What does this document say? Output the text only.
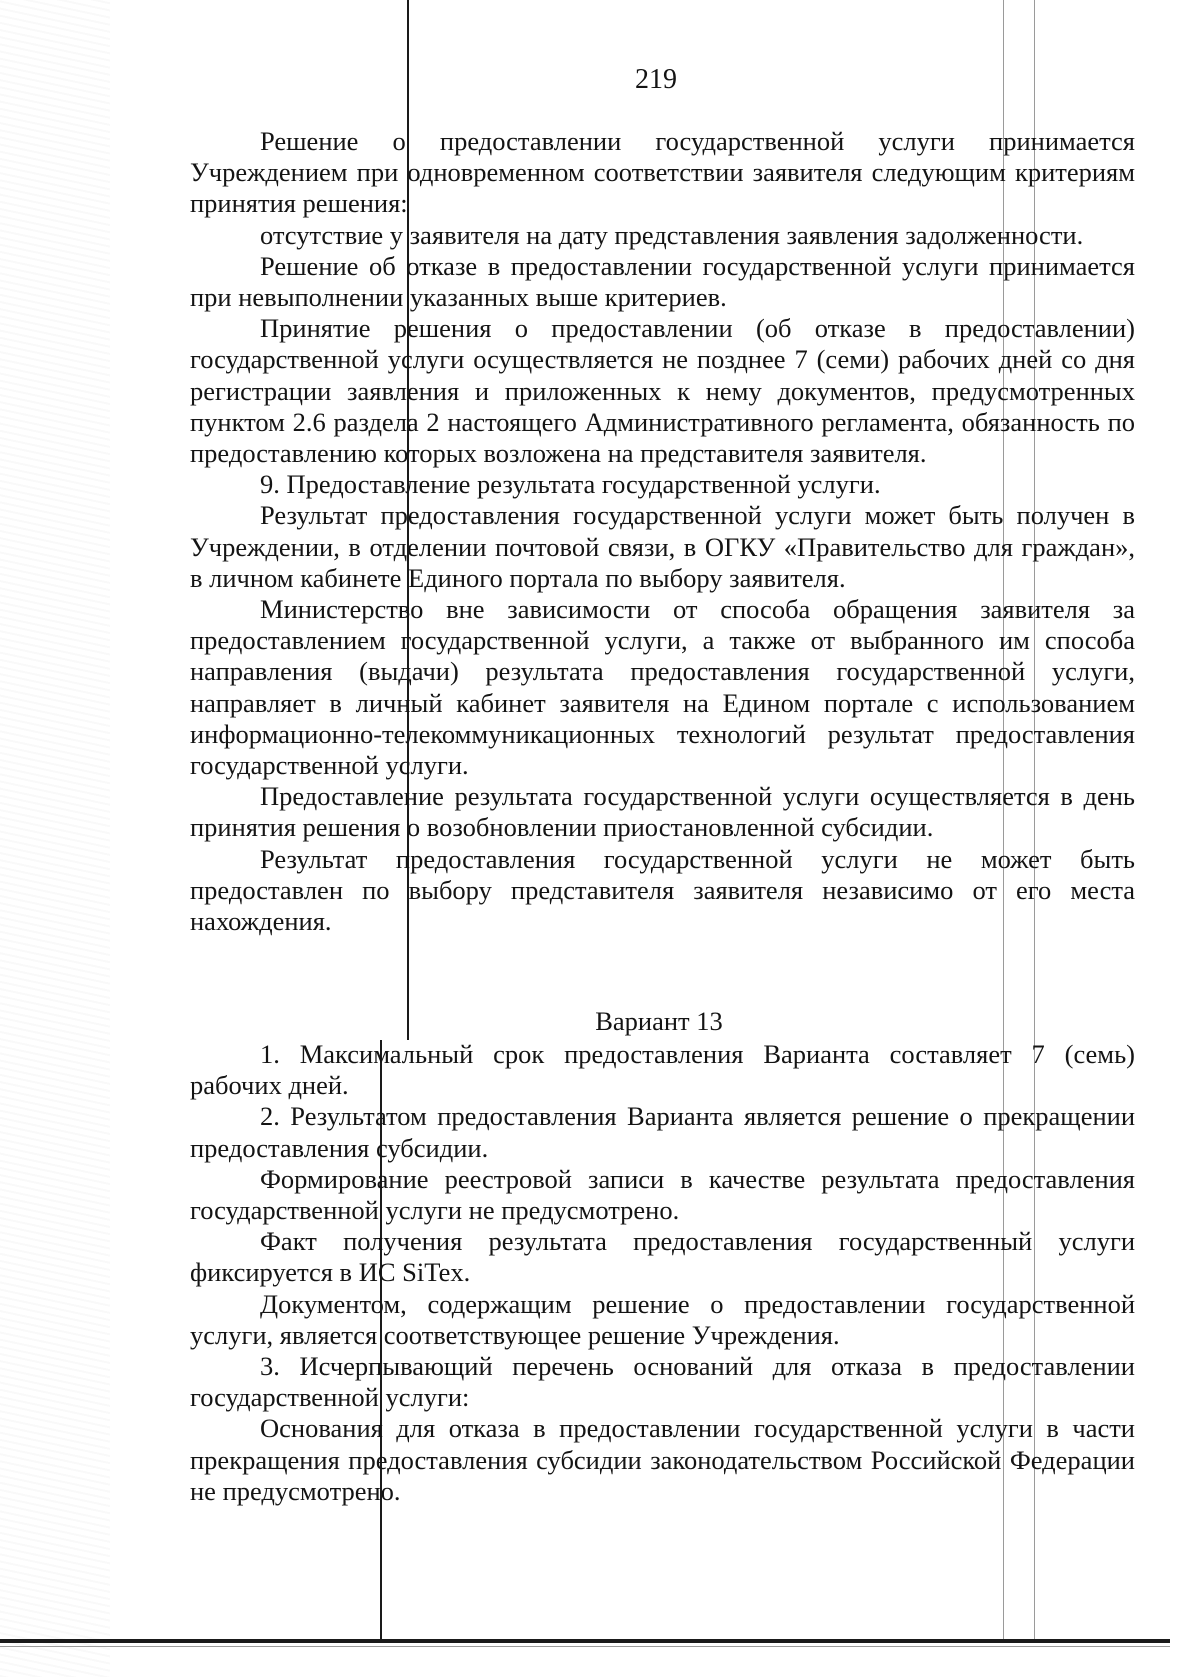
219

Решение о предоставлении государственной услуги принимается Учреждением при одновременном соответствии заявителя следующим критериям принятия решения:

отсутствие у заявителя на дату представления заявления задолженности.

Решение об отказе в предоставлении государственной услуги принимается при невыполнении указанных выше критериев.

Принятие решения о предоставлении (об отказе в предоставлении) государственной услуги осуществляется не позднее 7 (семи) рабочих дней со дня регистрации заявления и приложенных к нему документов, предусмотренных пунктом 2.6 раздела 2 настоящего Административного регламента, обязанность по предоставлению которых возложена на представителя заявителя.

9. Предоставление результата государственной услуги.

Результат предоставления государственной услуги может быть получен в Учреждении, в отделении почтовой связи, в ОГКУ «Правительство для граждан», в личном кабинете Единого портала по выбору заявителя.

Министерство вне зависимости от способа обращения заявителя за предоставлением государственной услуги, а также от выбранного им способа направления (выдачи) результата предоставления государственной услуги, направляет в личный кабинет заявителя на Едином портале с использованием информационно-телекоммуникационных технологий результат предоставления государственной услуги.

Предоставление результата государственной услуги осуществляется в день принятия решения о возобновлении приостановленной субсидии.

Результат предоставления государственной услуги не может быть предоставлен по выбору представителя заявителя независимо от его места нахождения.

Вариант 13

1. Максимальный срок предоставления Варианта составляет 7 (семь) рабочих дней.

2. Результатом предоставления Варианта является решение о прекращении предоставления субсидии.

Формирование реестровой записи в качестве результата предоставления государственной услуги не предусмотрено.

Факт получения результата предоставления государственный услуги фиксируется в ИС SiTex.

Документом, содержащим решение о предоставлении государственной услуги, является соответствующее решение Учреждения.

3. Исчерпывающий перечень оснований для отказа в предоставлении государственной услуги:

Основания для отказа в предоставлении государственной услуги в части прекращения предоставления субсидии законодательством Российской Федерации не предусмотрено.
